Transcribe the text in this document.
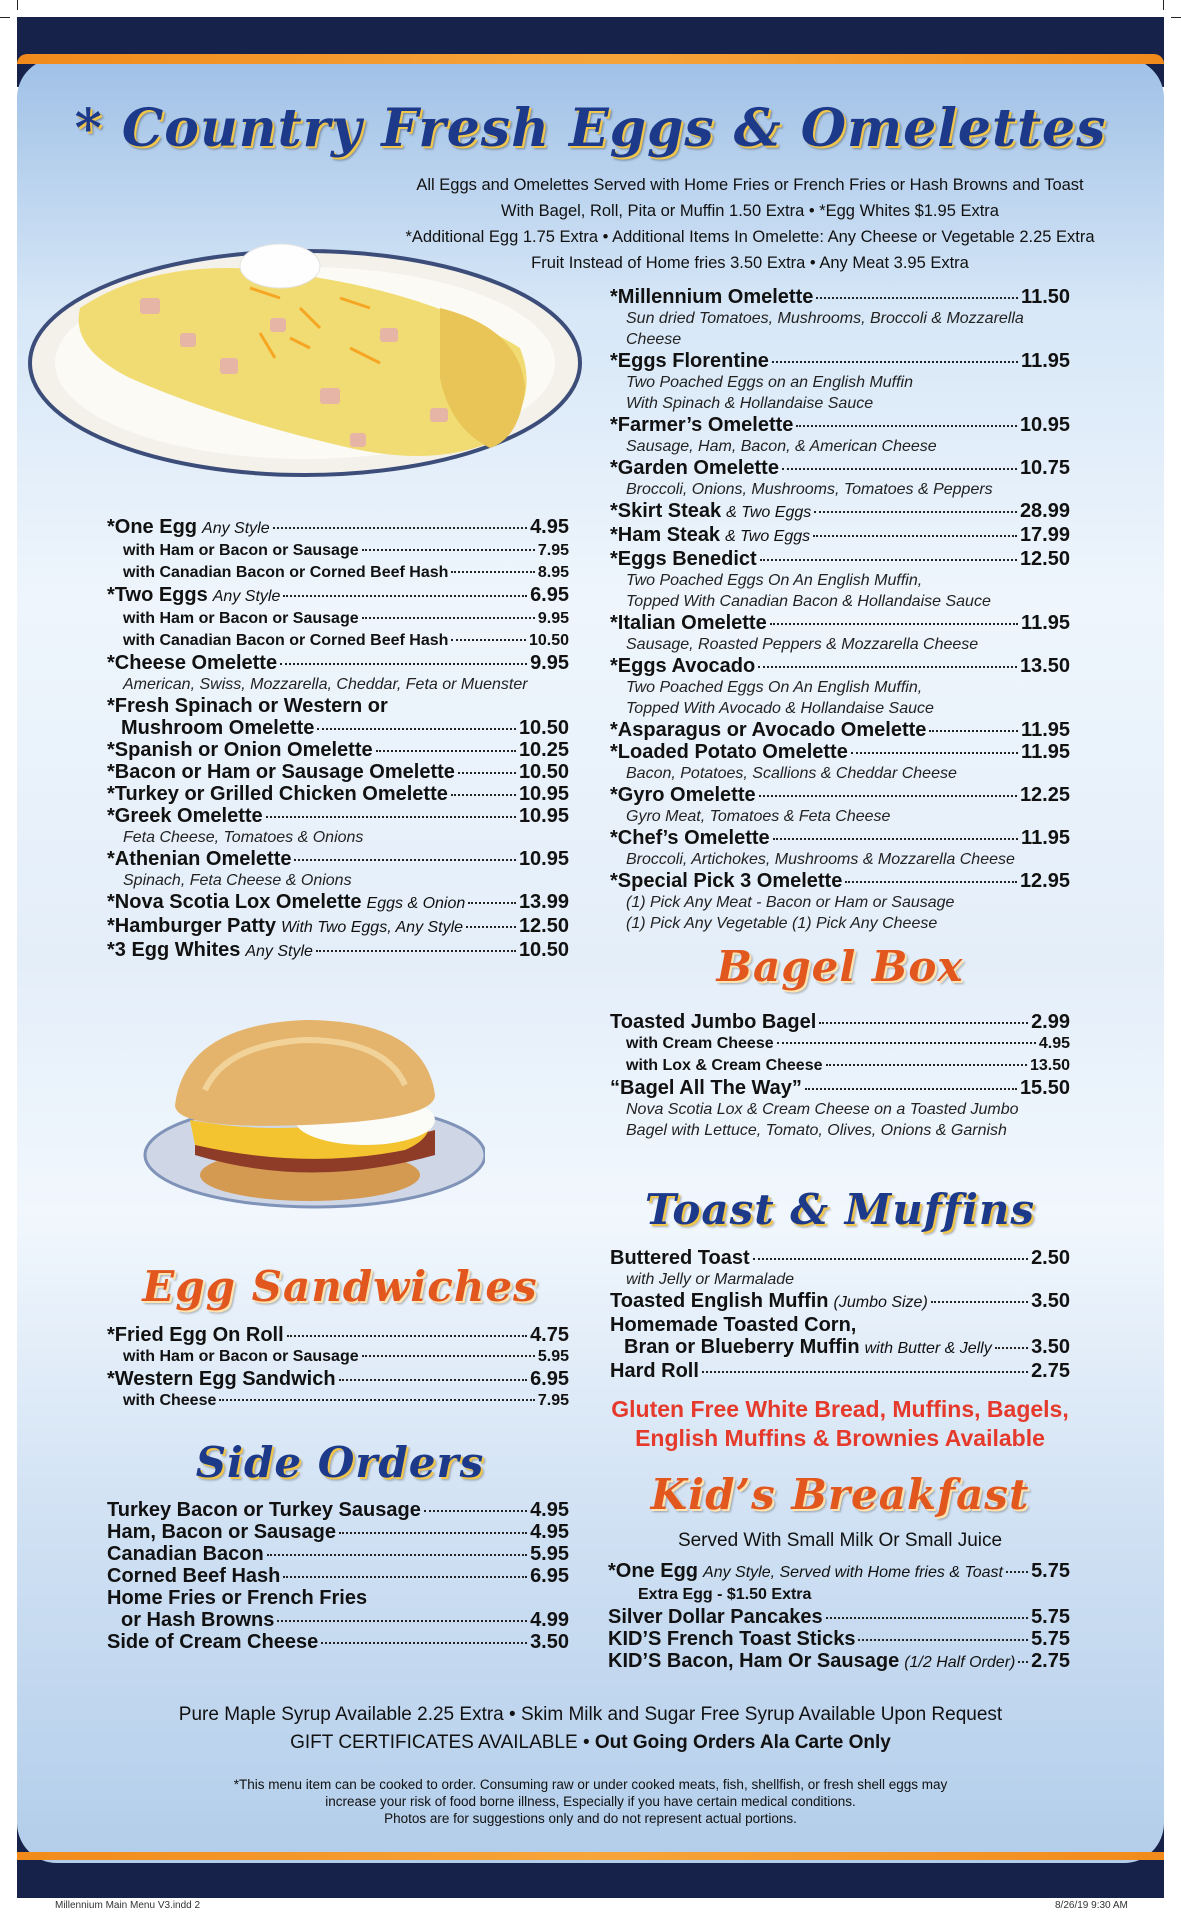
* Country Fresh Eggs & Omelettes
All Eggs and Omelettes Served with Home Fries or French Fries or Hash Browns and Toast
With Bagel, Roll, Pita or Muffin 1.50 Extra • *Egg Whites $1.95 Extra
*Additional Egg 1.75 Extra • Additional Items In Omelette: Any Cheese or Vegetable 2.25 Extra
Fruit Instead of Home fries 3.50 Extra • Any Meat 3.95 Extra
*One Egg Any Style	4.95
with Ham or Bacon or Sausage	7.95
with Canadian Bacon or Corned Beef Hash	8.95
*Two Eggs Any Style	6.95
with Ham or Bacon or Sausage	9.95
with Canadian Bacon or Corned Beef Hash	10.50
*Cheese Omelette	9.95
American, Swiss, Mozzarella, Cheddar, Feta or Muenster
*Fresh Spinach or Western or
Mushroom Omelette	10.50
*Spanish or Onion Omelette	10.25
*Bacon or Ham or Sausage Omelette	10.50
*Turkey or Grilled Chicken Omelette	10.95
*Greek Omelette	10.95
Feta Cheese, Tomatoes & Onions
*Athenian Omelette	10.95
Spinach, Feta Cheese & Onions
*Nova Scotia Lox Omelette Eggs & Onion	13.99
*Hamburger Patty With Two Eggs, Any Style	12.50
*3 Egg Whites Any Style	10.50
*Millennium Omelette	11.50
Sun dried Tomatoes, Mushrooms, Broccoli & Mozzarella Cheese
*Eggs Florentine	11.95
Two Poached Eggs on an English Muffin
With Spinach & Hollandaise Sauce
*Farmer’s Omelette	10.95
Sausage, Ham, Bacon, & American Cheese
*Garden Omelette	10.75
Broccoli, Onions, Mushrooms, Tomatoes & Peppers
*Skirt Steak & Two Eggs	28.99
*Ham Steak & Two Eggs	17.99
*Eggs Benedict	12.50
Two Poached Eggs On An English Muffin,
Topped With Canadian Bacon & Hollandaise Sauce
*Italian Omelette	11.95
Sausage, Roasted Peppers & Mozzarella Cheese
*Eggs Avocado	13.50
Two Poached Eggs On An English Muffin,
Topped With Avocado & Hollandaise Sauce
*Asparagus or Avocado Omelette	11.95
*Loaded Potato Omelette	11.95
Bacon, Potatoes, Scallions & Cheddar Cheese
*Gyro Omelette	12.25
Gyro Meat, Tomatoes & Feta Cheese
*Chef’s Omelette	11.95
Broccoli, Artichokes, Mushrooms & Mozzarella Cheese
*Special Pick 3 Omelette	12.95
(1) Pick Any Meat - Bacon or Ham or Sausage
(1) Pick Any Vegetable (1) Pick Any Cheese
Bagel Box
Toasted Jumbo Bagel	2.99
with Cream Cheese	4.95
with Lox & Cream Cheese	13.50
“Bagel All The Way”	15.50
Nova Scotia Lox & Cream Cheese on a Toasted Jumbo
Bagel with Lettuce, Tomato, Olives, Onions & Garnish
Toast & Muffins
Buttered Toast	2.50
with Jelly or Marmalade
Toasted English Muffin (Jumbo Size)	3.50
Homemade Toasted Corn,
Bran or Blueberry Muffin with Butter & Jelly 3.50
Hard Roll	2.75
Gluten Free White Bread, Muffins, Bagels,
English Muffins & Brownies Available
Kid’s Breakfast
Served With Small Milk Or Small Juice
*One Egg Any Style, Served with Home fries & Toast 5.75
Extra Egg - $1.50 Extra
Silver Dollar Pancakes	5.75
KID’S French Toast Sticks	5.75
KID’S Bacon, Ham Or Sausage (1/2 Half Order) 2.75
Egg Sandwiches
*Fried Egg On Roll	4.75
with Ham or Bacon or Sausage	5.95
*Western Egg Sandwich	6.95
with Cheese	7.95
Side Orders
Turkey Bacon or Turkey Sausage	4.95
Ham, Bacon or Sausage	4.95
Canadian Bacon	5.95
Corned Beef Hash	6.95
Home Fries or French Fries
or Hash Browns	4.99
Side of Cream Cheese	3.50
Pure Maple Syrup Available 2.25 Extra • Skim Milk and Sugar Free Syrup Available Upon Request
GIFT CERTIFICATES AVAILABLE • Out Going Orders Ala Carte Only
*This menu item can be cooked to order. Consuming raw or under cooked meats, fish, shellfish, or fresh shell eggs may
increase your risk of food borne illness, Especially if you have certain medical conditions.
Photos are for suggestions only and do not represent actual portions.
Millennium Main Menu V3.indd 2	8/26/19 9:30 AM
